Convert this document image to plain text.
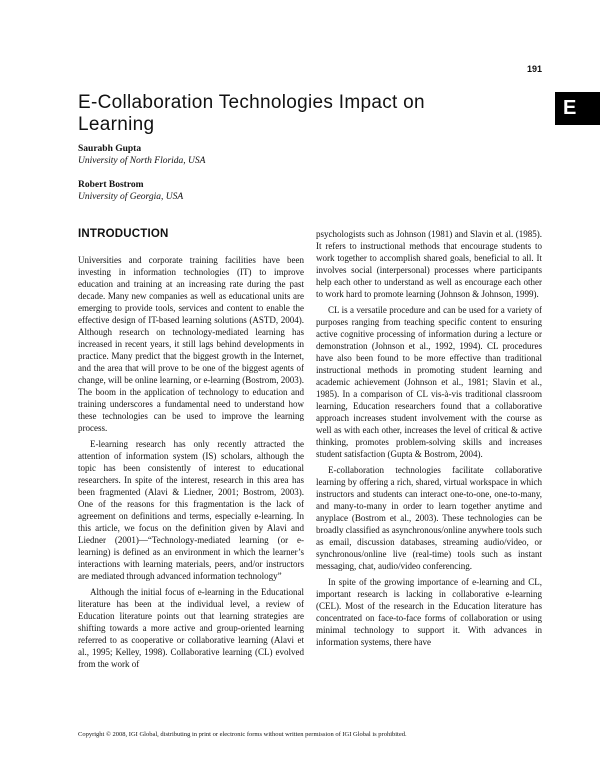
191
E
E-Collaboration Technologies Impact on Learning
Saurabh Gupta
University of North Florida, USA
Robert Bostrom
University of Georgia, USA
INTRODUCTION

Universities and corporate training facilities have been investing in information technologies (IT) to improve education and training at an increasing rate during the past decade. Many new companies as well as educational units are emerging to provide tools, services and content to enable the effective design of IT-based learning solutions (ASTD, 2004). Although research on technology-mediated learning has increased in recent years, it still lags behind developments in practice. Many predict that the biggest growth in the Internet, and the area that will prove to be one of the biggest agents of change, will be online learning, or e-learning (Bostrom, 2003). The boom in the application of technology to education and training underscores a fundamental need to understand how these technologies can be used to improve the learning process.

E-learning research has only recently attracted the attention of information system (IS) scholars, although the topic has been consistently of interest to educational researchers. In spite of the interest, research in this area has been fragmented (Alavi & Liedner, 2001; Bostrom, 2003). One of the reasons for this fragmentation is the lack of agreement on definitions and terms, especially e-learning. In this article, we focus on the definition given by Alavi and Liedner (2001)—“Technology-mediated learning (or e-learning) is defined as an environment in which the learner’s interactions with learning materials, peers, and/or instructors are mediated through advanced information technology”

Although the initial focus of e-learning in the Educational literature has been at the individual level, a review of Education literature points out that learning strategies are shifting towards a more active and group-oriented learning referred to as cooperative or collaborative learning (Alavi et al., 1995; Kelley, 1998). Collaborative learning (CL) evolved from the work of

psychologists such as Johnson (1981) and Slavin et al. (1985). It refers to instructional methods that encourage students to work together to accomplish shared goals, beneficial to all. It involves social (interpersonal) processes where participants help each other to understand as well as encourage each other to work hard to promote learning (Johnson & Johnson, 1999).

CL is a versatile procedure and can be used for a variety of purposes ranging from teaching specific content to ensuring active cognitive processing of information during a lecture or demonstration (Johnson et al., 1992, 1994). CL procedures have also been found to be more effective than traditional instructional methods in promoting student learning and academic achievement (Johnson et al., 1981; Slavin et al., 1985). In a comparison of CL vis-à-vis traditional classroom learning, Education researchers found that a collaborative approach increases student involvement with the course as well as with each other, increases the level of critical & active thinking, promotes problem-solving skills and increases student satisfaction (Gupta & Bostrom, 2004).

E-collaboration technologies facilitate collaborative learning by offering a rich, shared, virtual workspace in which instructors and students can interact one-to-one, one-to-many, and many-to-many in order to learn together anytime and anyplace (Bostrom et al., 2003). These technologies can be broadly classified as asynchronous/online anywhere tools such as email, discussion databases, streaming audio/video, or synchronous/online live (real-time) tools such as instant messaging, chat, audio/video conferencing.

In spite of the growing importance of e-learning and CL, important research is lacking in collaborative e-learning (CEL). Most of the research in the Education literature has concentrated on face-to-face forms of collaboration or using minimal technology to support it. With advances in information systems, there have

Copyright © 2008, IGI Global, distributing in print or electronic forms without written permission of IGI Global is prohibited.
